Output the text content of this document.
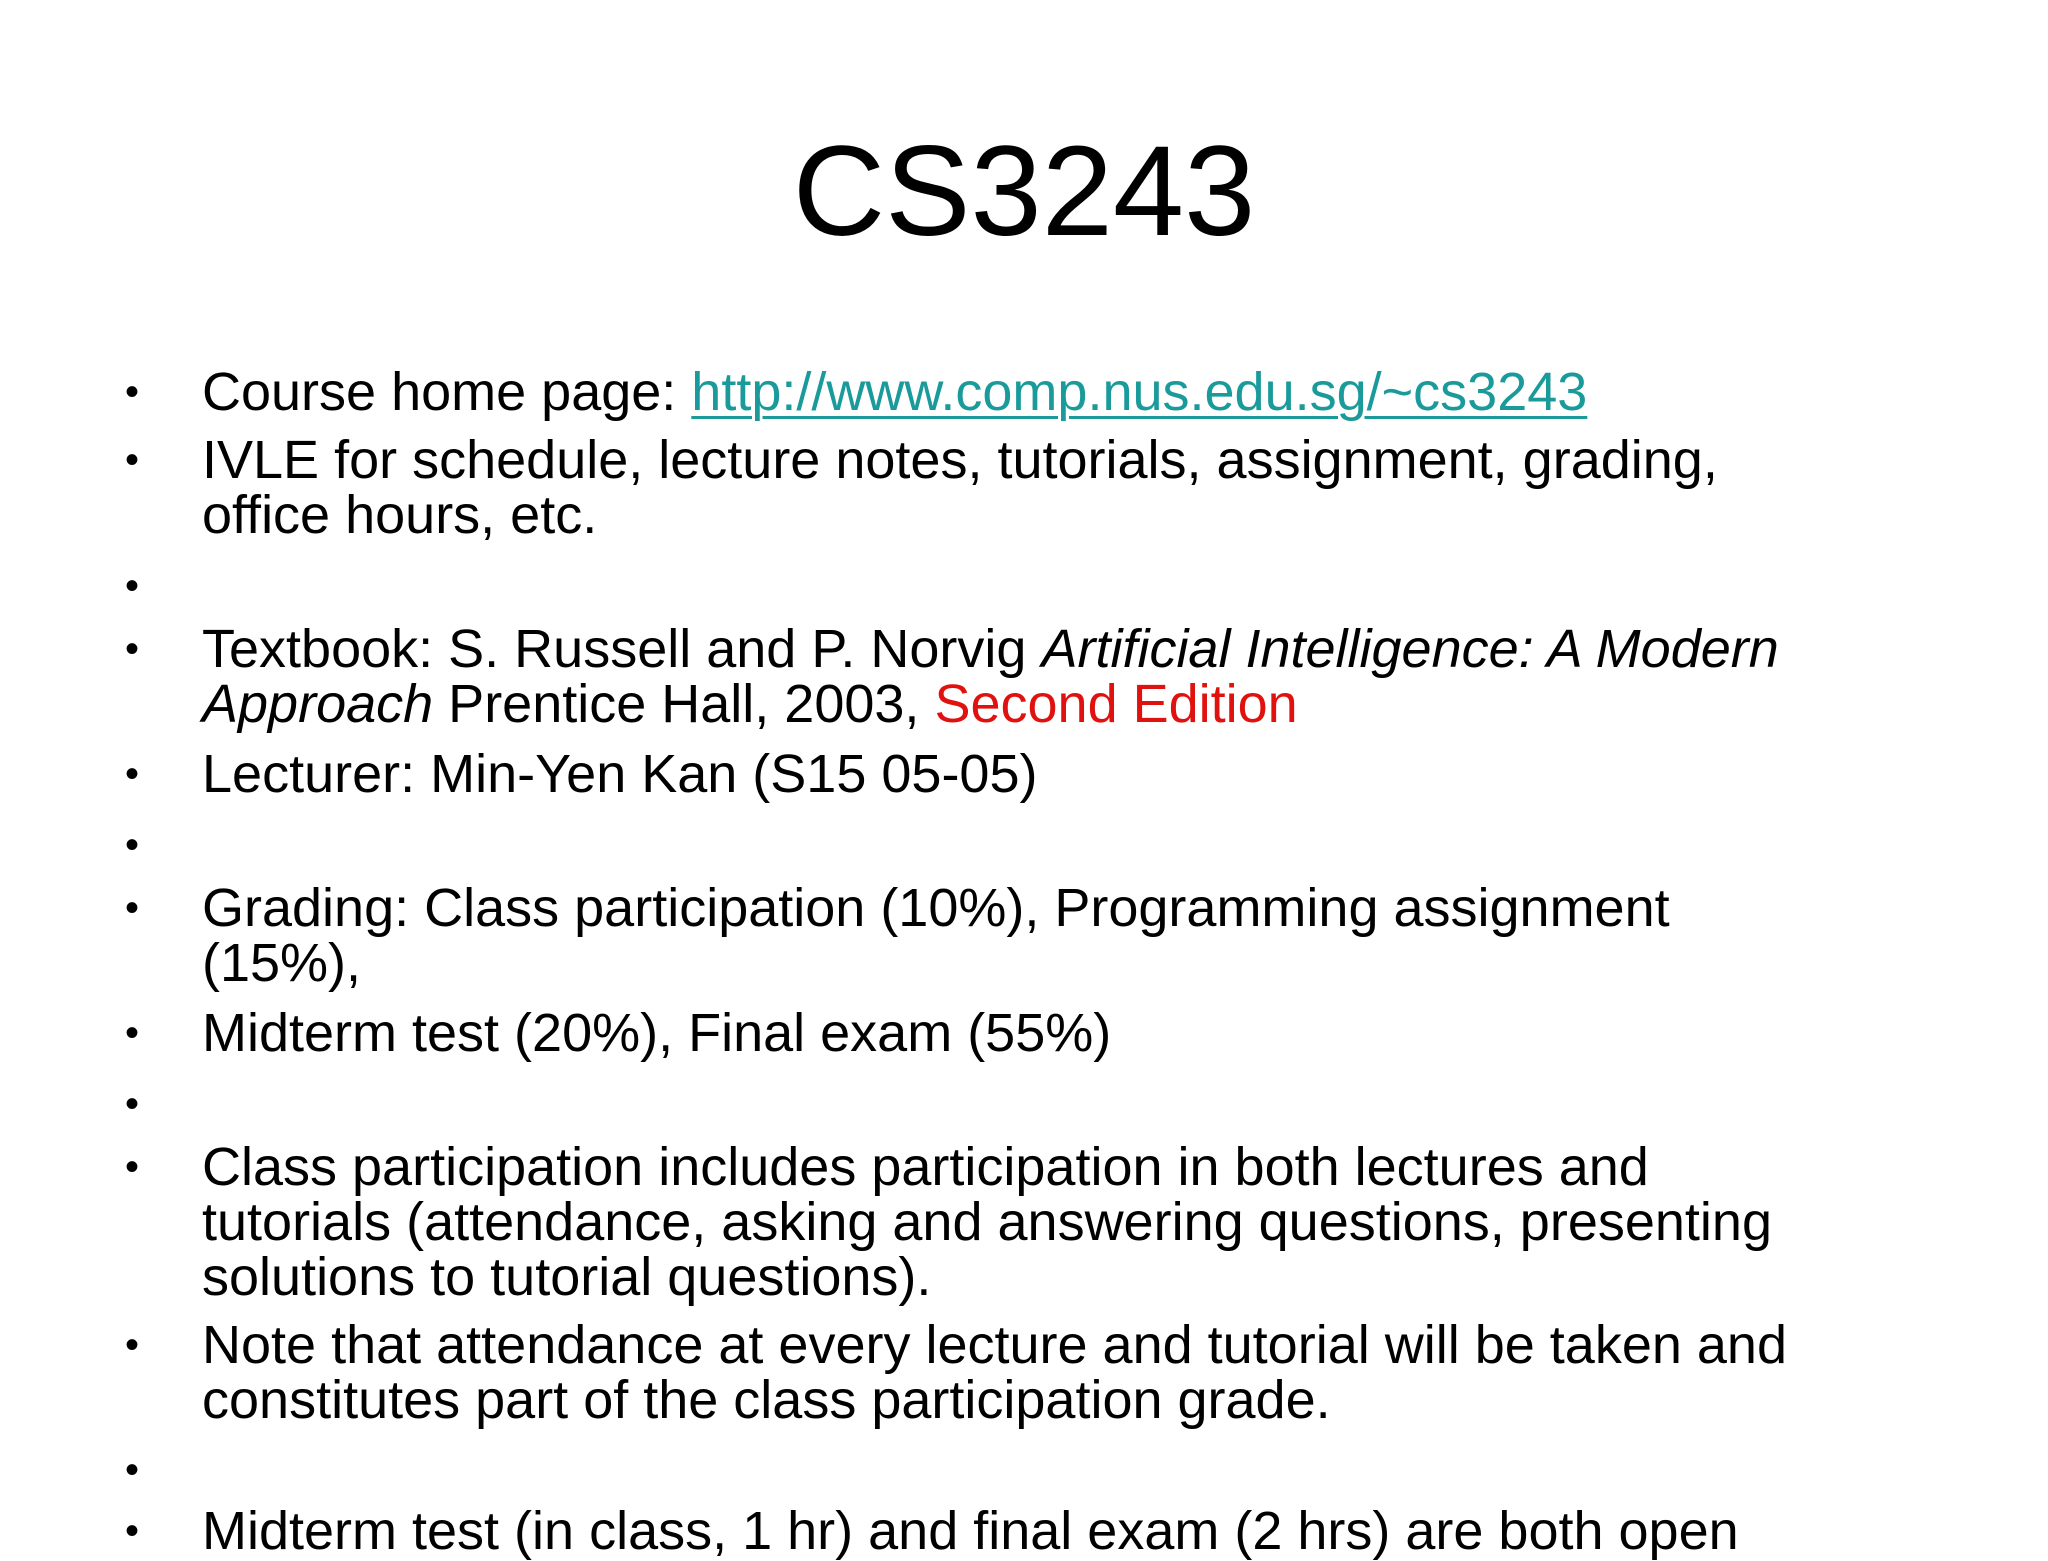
CS3243
• Course home page: http://www.comp.nus.edu.sg/~cs3243
• IVLE for schedule, lecture notes, tutorials, assignment, grading,
office hours, etc.
•
• Textbook: S. Russell and P. Norvig Artificial Intelligence: A Modern
Approach Prentice Hall, 2003, Second Edition
• Lecturer: Min-Yen Kan (S15 05-05)
•
• Grading: Class participation (10%), Programming assignment
(15%),
• Midterm test (20%), Final exam (55%)
•
• Class participation includes participation in both lectures and
tutorials (attendance, asking and answering questions, presenting
solutions to tutorial questions).
• Note that attendance at every lecture and tutorial will be taken and
constitutes part of the class participation grade.
•
• Midterm test (in class, 1 hr) and final exam (2 hrs) are both open
